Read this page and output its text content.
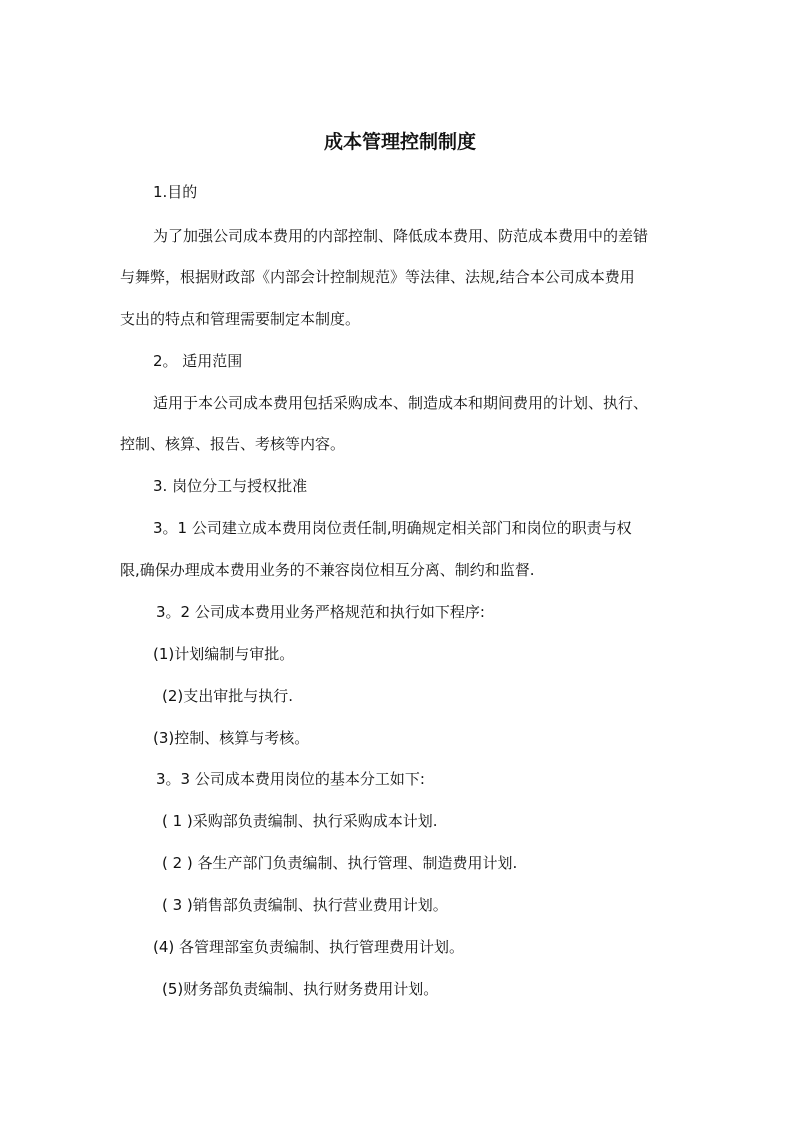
成本管理控制制度
1.目的
为了加强公司成本费用的内部控制、降低成本费用、防范成本费用中的差错
与舞弊，根据财政部《内部会计控制规范》等法律、法规,结合本公司成本费用
支出的特点和管理需要制定本制度。
2。 适用范围
适用于本公司成本费用包括采购成本、制造成本和期间费用的计划、执行、
控制、核算、报告、考核等内容。
3. 岗位分工与授权批准
3。1 公司建立成本费用岗位责任制,明确规定相关部门和岗位的职责与权
限,确保办理成本费用业务的不兼容岗位相互分离、制约和监督.
3。2 公司成本费用业务严格规范和执行如下程序:
(1)计划编制与审批。
(2)支出审批与执行.
(3)控制、核算与考核。
3。3 公司成本费用岗位的基本分工如下:
( 1 )采购部负责编制、执行采购成本计划.
( 2 ) 各生产部门负责编制、执行管理、制造费用计划.
( 3 )销售部负责编制、执行营业费用计划。
(4) 各管理部室负责编制、执行管理费用计划。
(5)财务部负责编制、执行财务费用计划。
